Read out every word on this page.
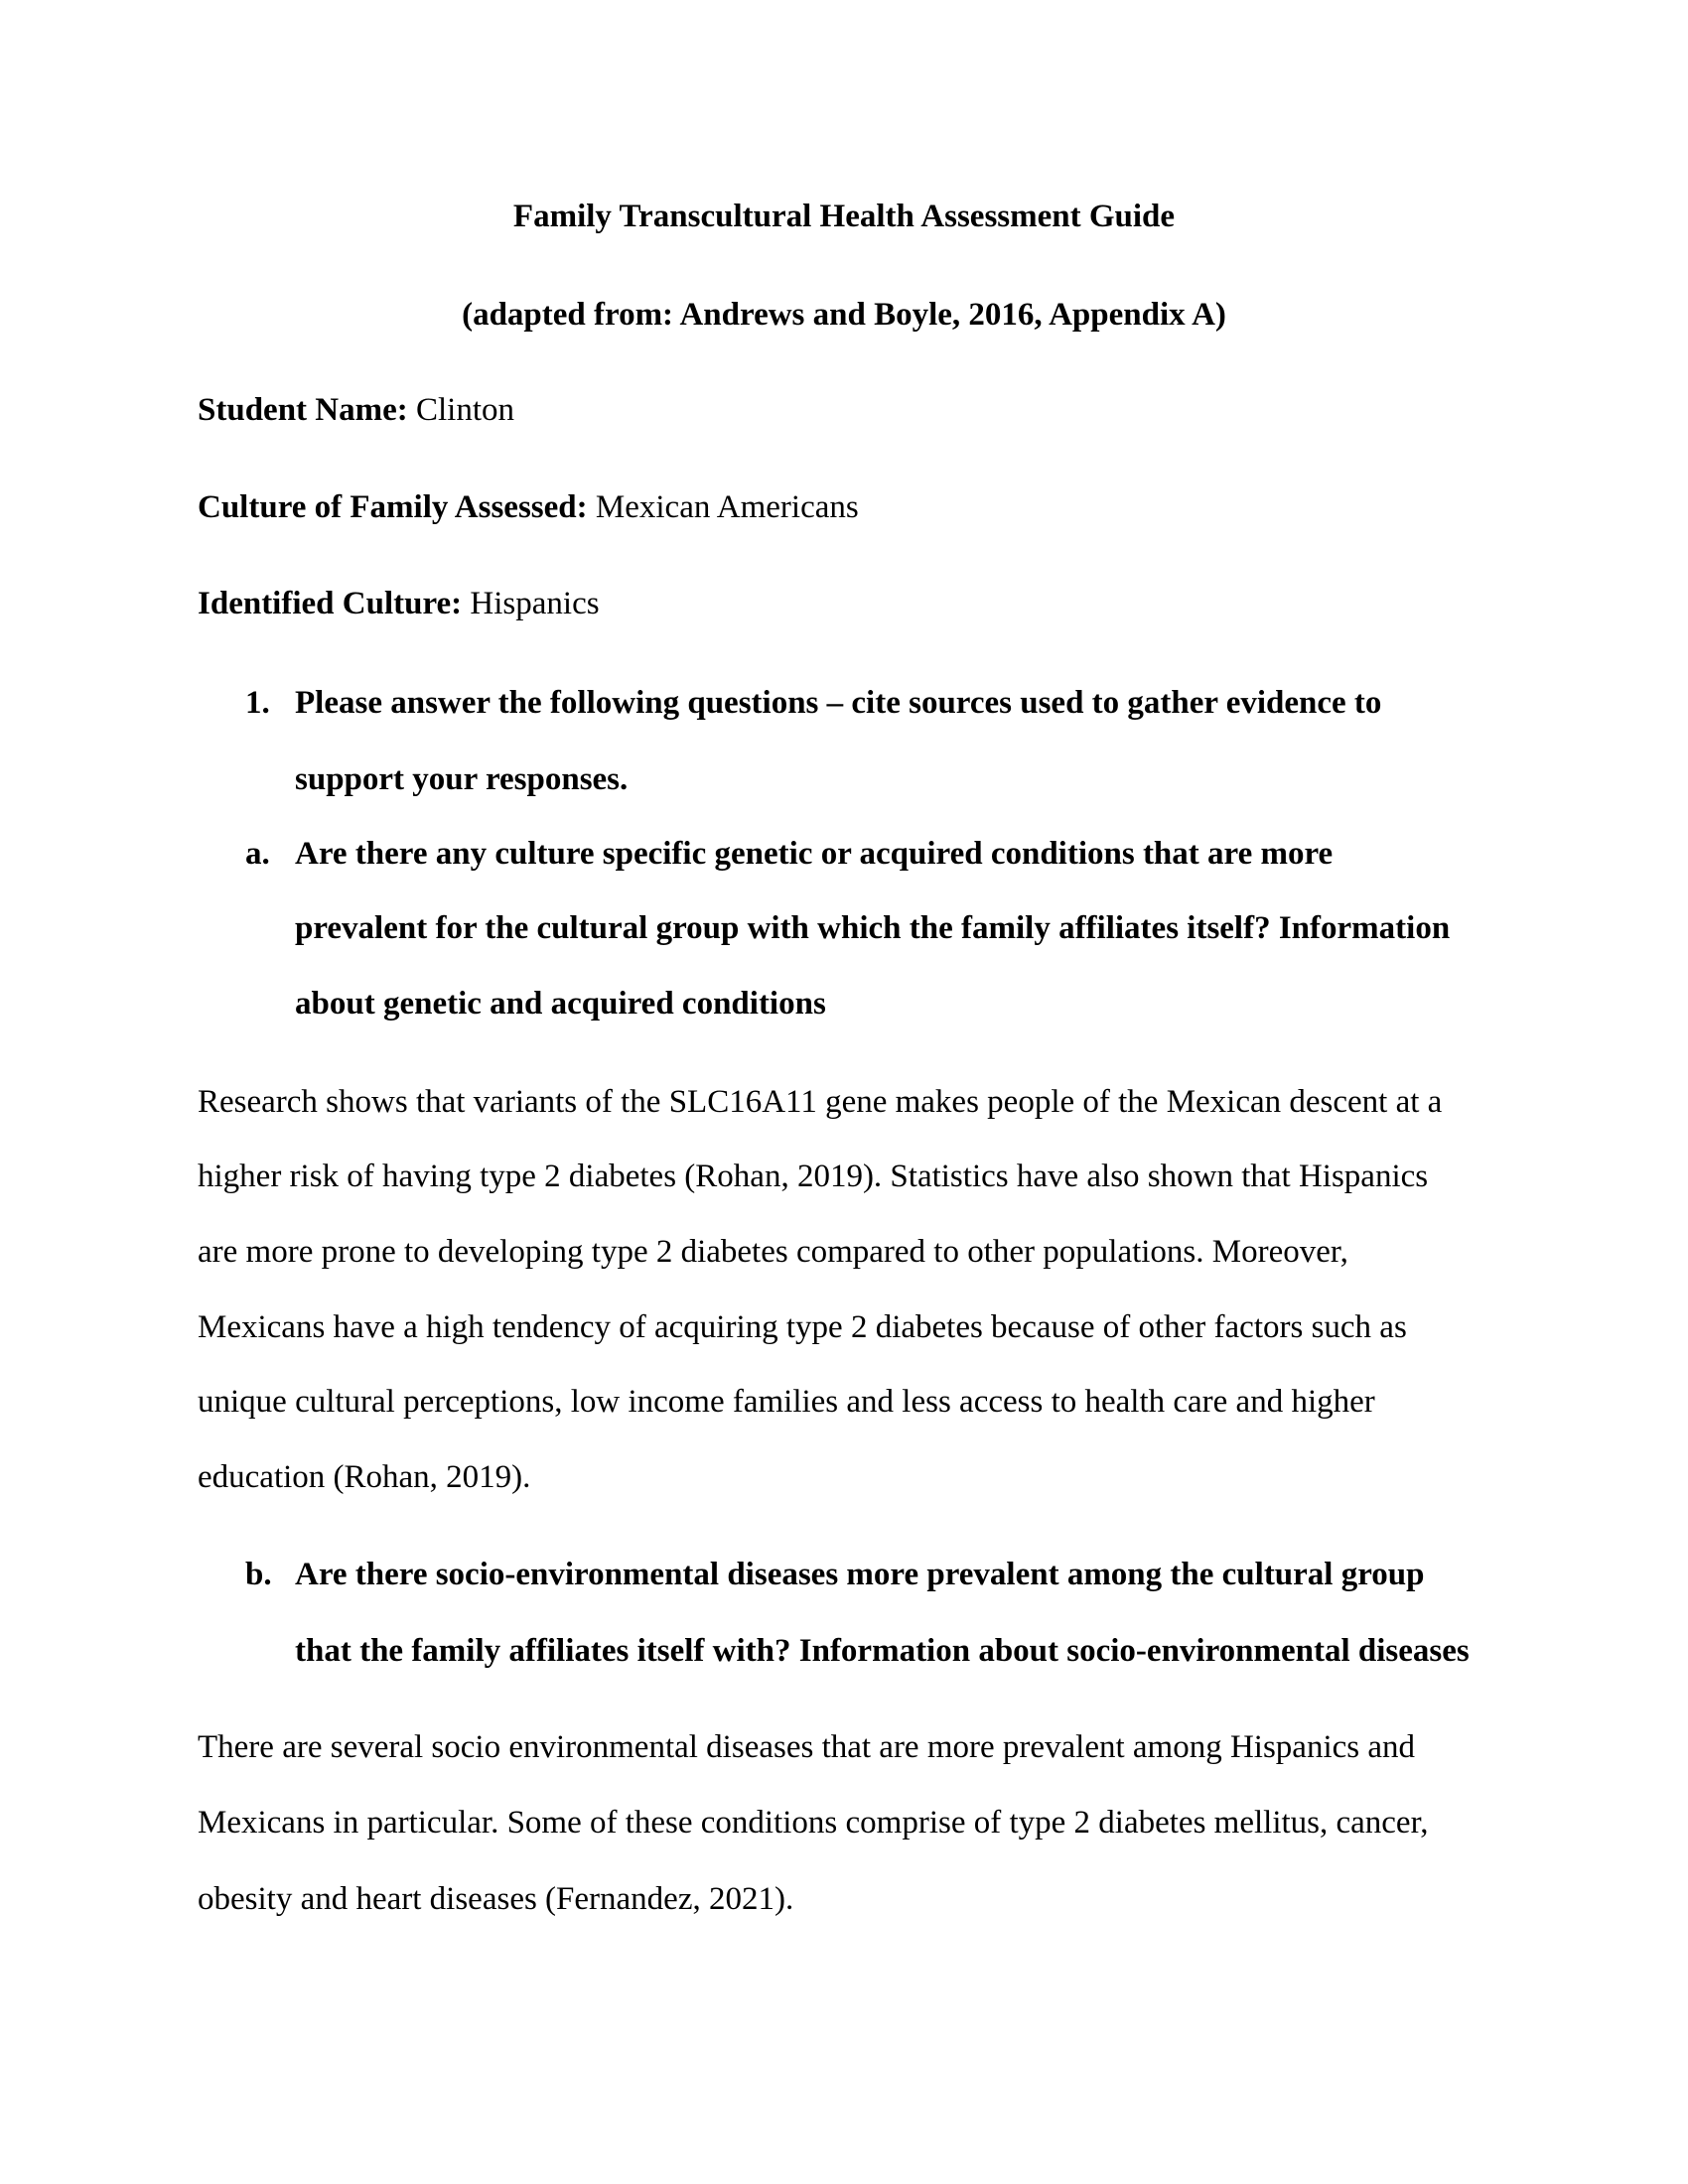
Family Transcultural Health Assessment Guide
(adapted from: Andrews and Boyle, 2016, Appendix A)
Student Name: Clinton
Culture of Family Assessed: Mexican Americans
Identified Culture: Hispanics
1. Please answer the following questions – cite sources used to gather evidence to
support your responses.
a. Are there any culture specific genetic or acquired conditions that are more
prevalent for the cultural group with which the family affiliates itself? Information
about genetic and acquired conditions
Research shows that variants of the SLC16A11 gene makes people of the Mexican descent at a
higher risk of having type 2 diabetes (Rohan, 2019). Statistics have also shown that Hispanics
are more prone to developing type 2 diabetes compared to other populations. Moreover,
Mexicans have a high tendency of acquiring type 2 diabetes because of other factors such as
unique cultural perceptions, low income families and less access to health care and higher
education (Rohan, 2019).
b. Are there socio-environmental diseases more prevalent among the cultural group
that the family affiliates itself with? Information about socio-environmental diseases
There are several socio environmental diseases that are more prevalent among Hispanics and
Mexicans in particular. Some of these conditions comprise of type 2 diabetes mellitus, cancer,
obesity and heart diseases (Fernandez, 2021).
